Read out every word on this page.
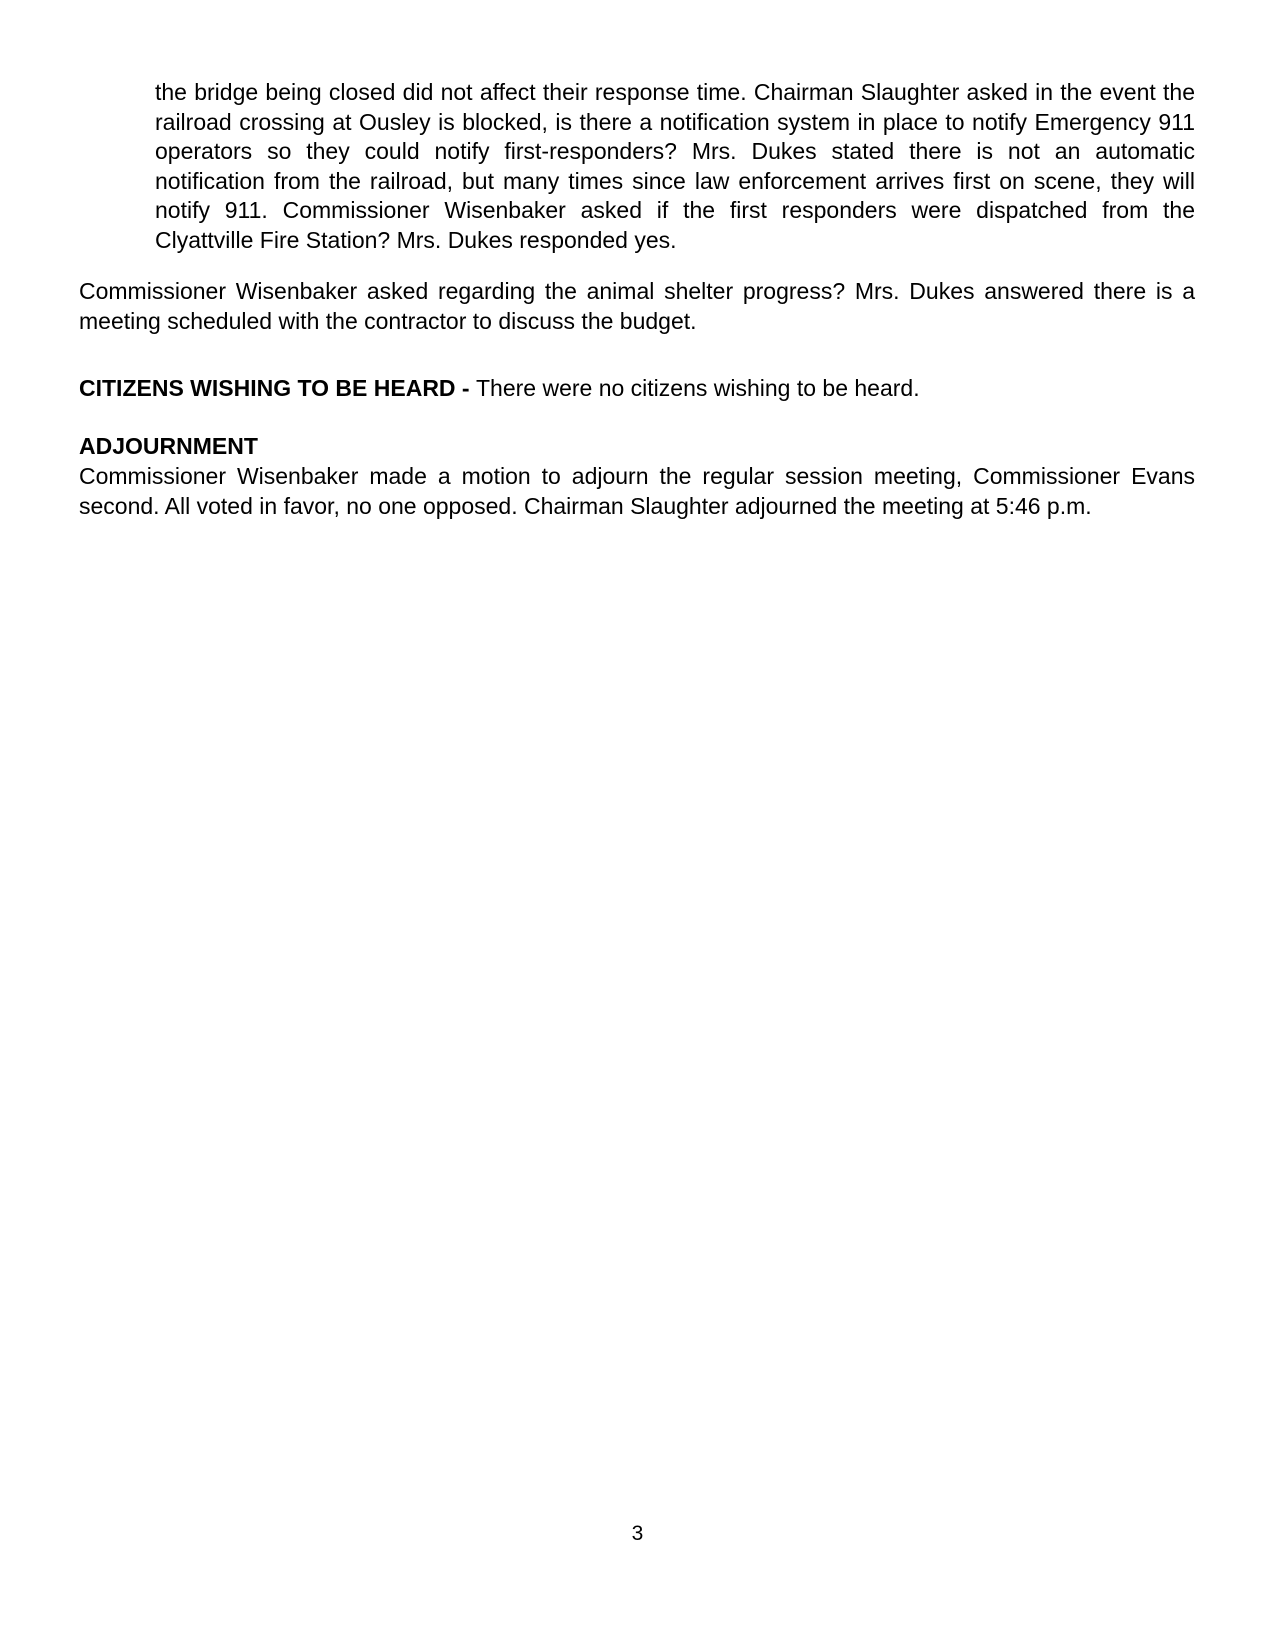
the bridge being closed did not affect their response time. Chairman Slaughter asked in the event the railroad crossing at Ousley is blocked, is there a notification system in place to notify Emergency 911 operators so they could notify first-responders? Mrs. Dukes stated there is not an automatic notification from the railroad, but many times since law enforcement arrives first on scene, they will notify 911. Commissioner Wisenbaker asked if the first responders were dispatched from the Clyattville Fire Station? Mrs. Dukes responded yes.

Commissioner Wisenbaker asked regarding the animal shelter progress? Mrs. Dukes answered there is a meeting scheduled with the contractor to discuss the budget.

CITIZENS WISHING TO BE HEARD - There were no citizens wishing to be heard.

ADJOURNMENT

Commissioner Wisenbaker made a motion to adjourn the regular session meeting, Commissioner Evans second. All voted in favor, no one opposed. Chairman Slaughter adjourned the meeting at 5:46 p.m.

3
